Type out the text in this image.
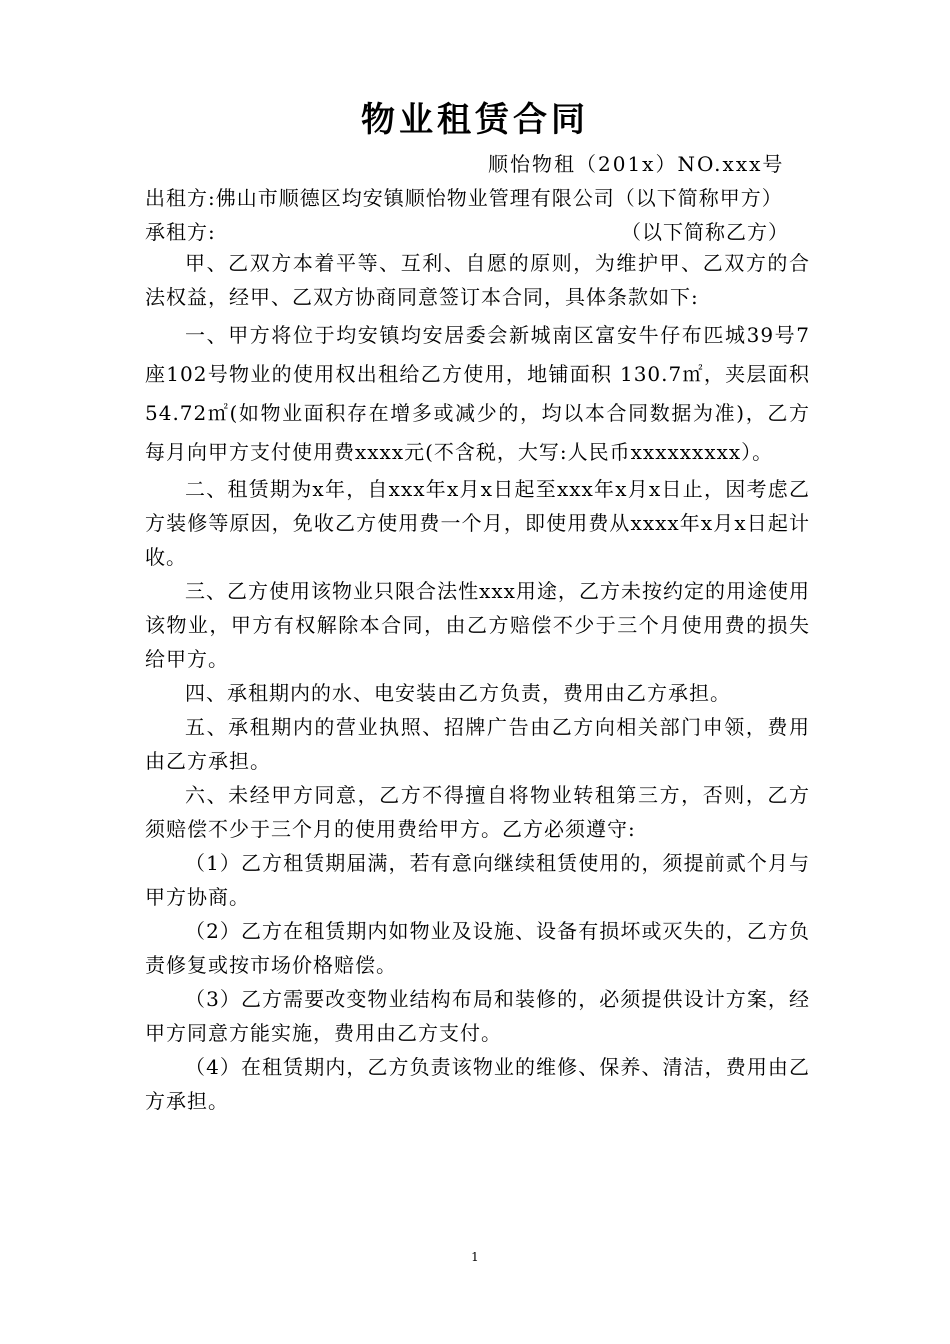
物业租赁合同

顺怡物租（201x）NO.xxx号

出租方:佛山市顺德区均安镇顺怡物业管理有限公司（以下简称甲方）

承租方:	（以下简称乙方）

甲、乙双方本着平等、互利、自愿的原则，为维护甲、乙双方的合法权益，经甲、乙双方协商同意签订本合同，具体条款如下:

一、甲方将位于均安镇均安居委会新城南区富安牛仔布匹城39号7座102号物业的使用权出租给乙方使用，地铺面积 130.7㎡，夹层面积54.72㎡(如物业面积存在增多或减少的，均以本合同数据为准)，乙方每月向甲方支付使用费xxxx元(不含税，大写:人民币xxxxxxxxx）。

二、租赁期为x年，自xxx年x月x日起至xxx年x月x日止，因考虑乙方装修等原因，免收乙方使用费一个月，即使用费从xxxx年x月x日起计收。

三、乙方使用该物业只限合法性xxx用途，乙方未按约定的用途使用该物业，甲方有权解除本合同，由乙方赔偿不少于三个月使用费的损失给甲方。

四、承租期内的水、电安装由乙方负责，费用由乙方承担。

五、承租期内的营业执照、招牌广告由乙方向相关部门申领，费用由乙方承担。

六、未经甲方同意，乙方不得擅自将物业转租第三方，否则，乙方须赔偿不少于三个月的使用费给甲方。乙方必须遵守:

（1）乙方租赁期届满，若有意向继续租赁使用的，须提前贰个月与甲方协商。

（2）乙方在租赁期内如物业及设施、设备有损坏或灭失的，乙方负责修复或按市场价格赔偿。

（3）乙方需要改变物业结构布局和装修的，必须提供设计方案，经甲方同意方能实施，费用由乙方支付。

（4）在租赁期内，乙方负责该物业的维修、保养、清洁，费用由乙方承担。

1
